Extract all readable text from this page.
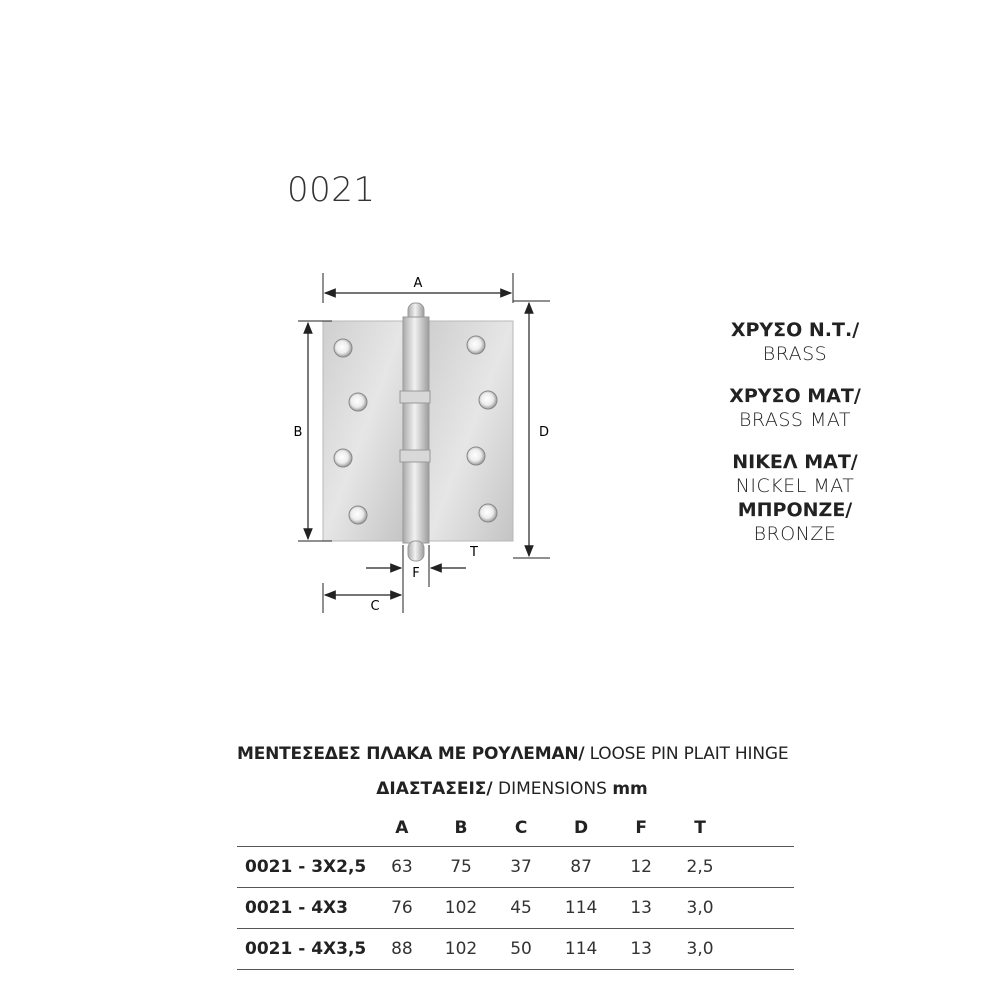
0021
A
B	D
F
T
C
ΧΡΥΣΟ Ν.Τ./
BRASS
ΧΡΥΣΟ ΜΑΤ/
BRASS MAT
ΝΙΚΕΛ ΜΑΤ/
NICKEL MAT
ΜΠΡΟΝΖΕ/
BRONZE
ΜΕΝΤΕΣΕΔΕΣ ΠΛΑΚΑ ΜΕ ΡΟΥΛΕΜΑΝ/ LOOSE PIN PLAIT HINGE
ΔΙΑΣΤΑΣΕΙΣ/ DIMENSIONS mm
	A	B	C	D	F	T	
0021 - 3X2,5	63	75	37	87	12	2,5	
0021 - 4X3	76	102	45	114	13	3,0	
0021 - 4X3,5	88	102	50	114	13	3,0	
